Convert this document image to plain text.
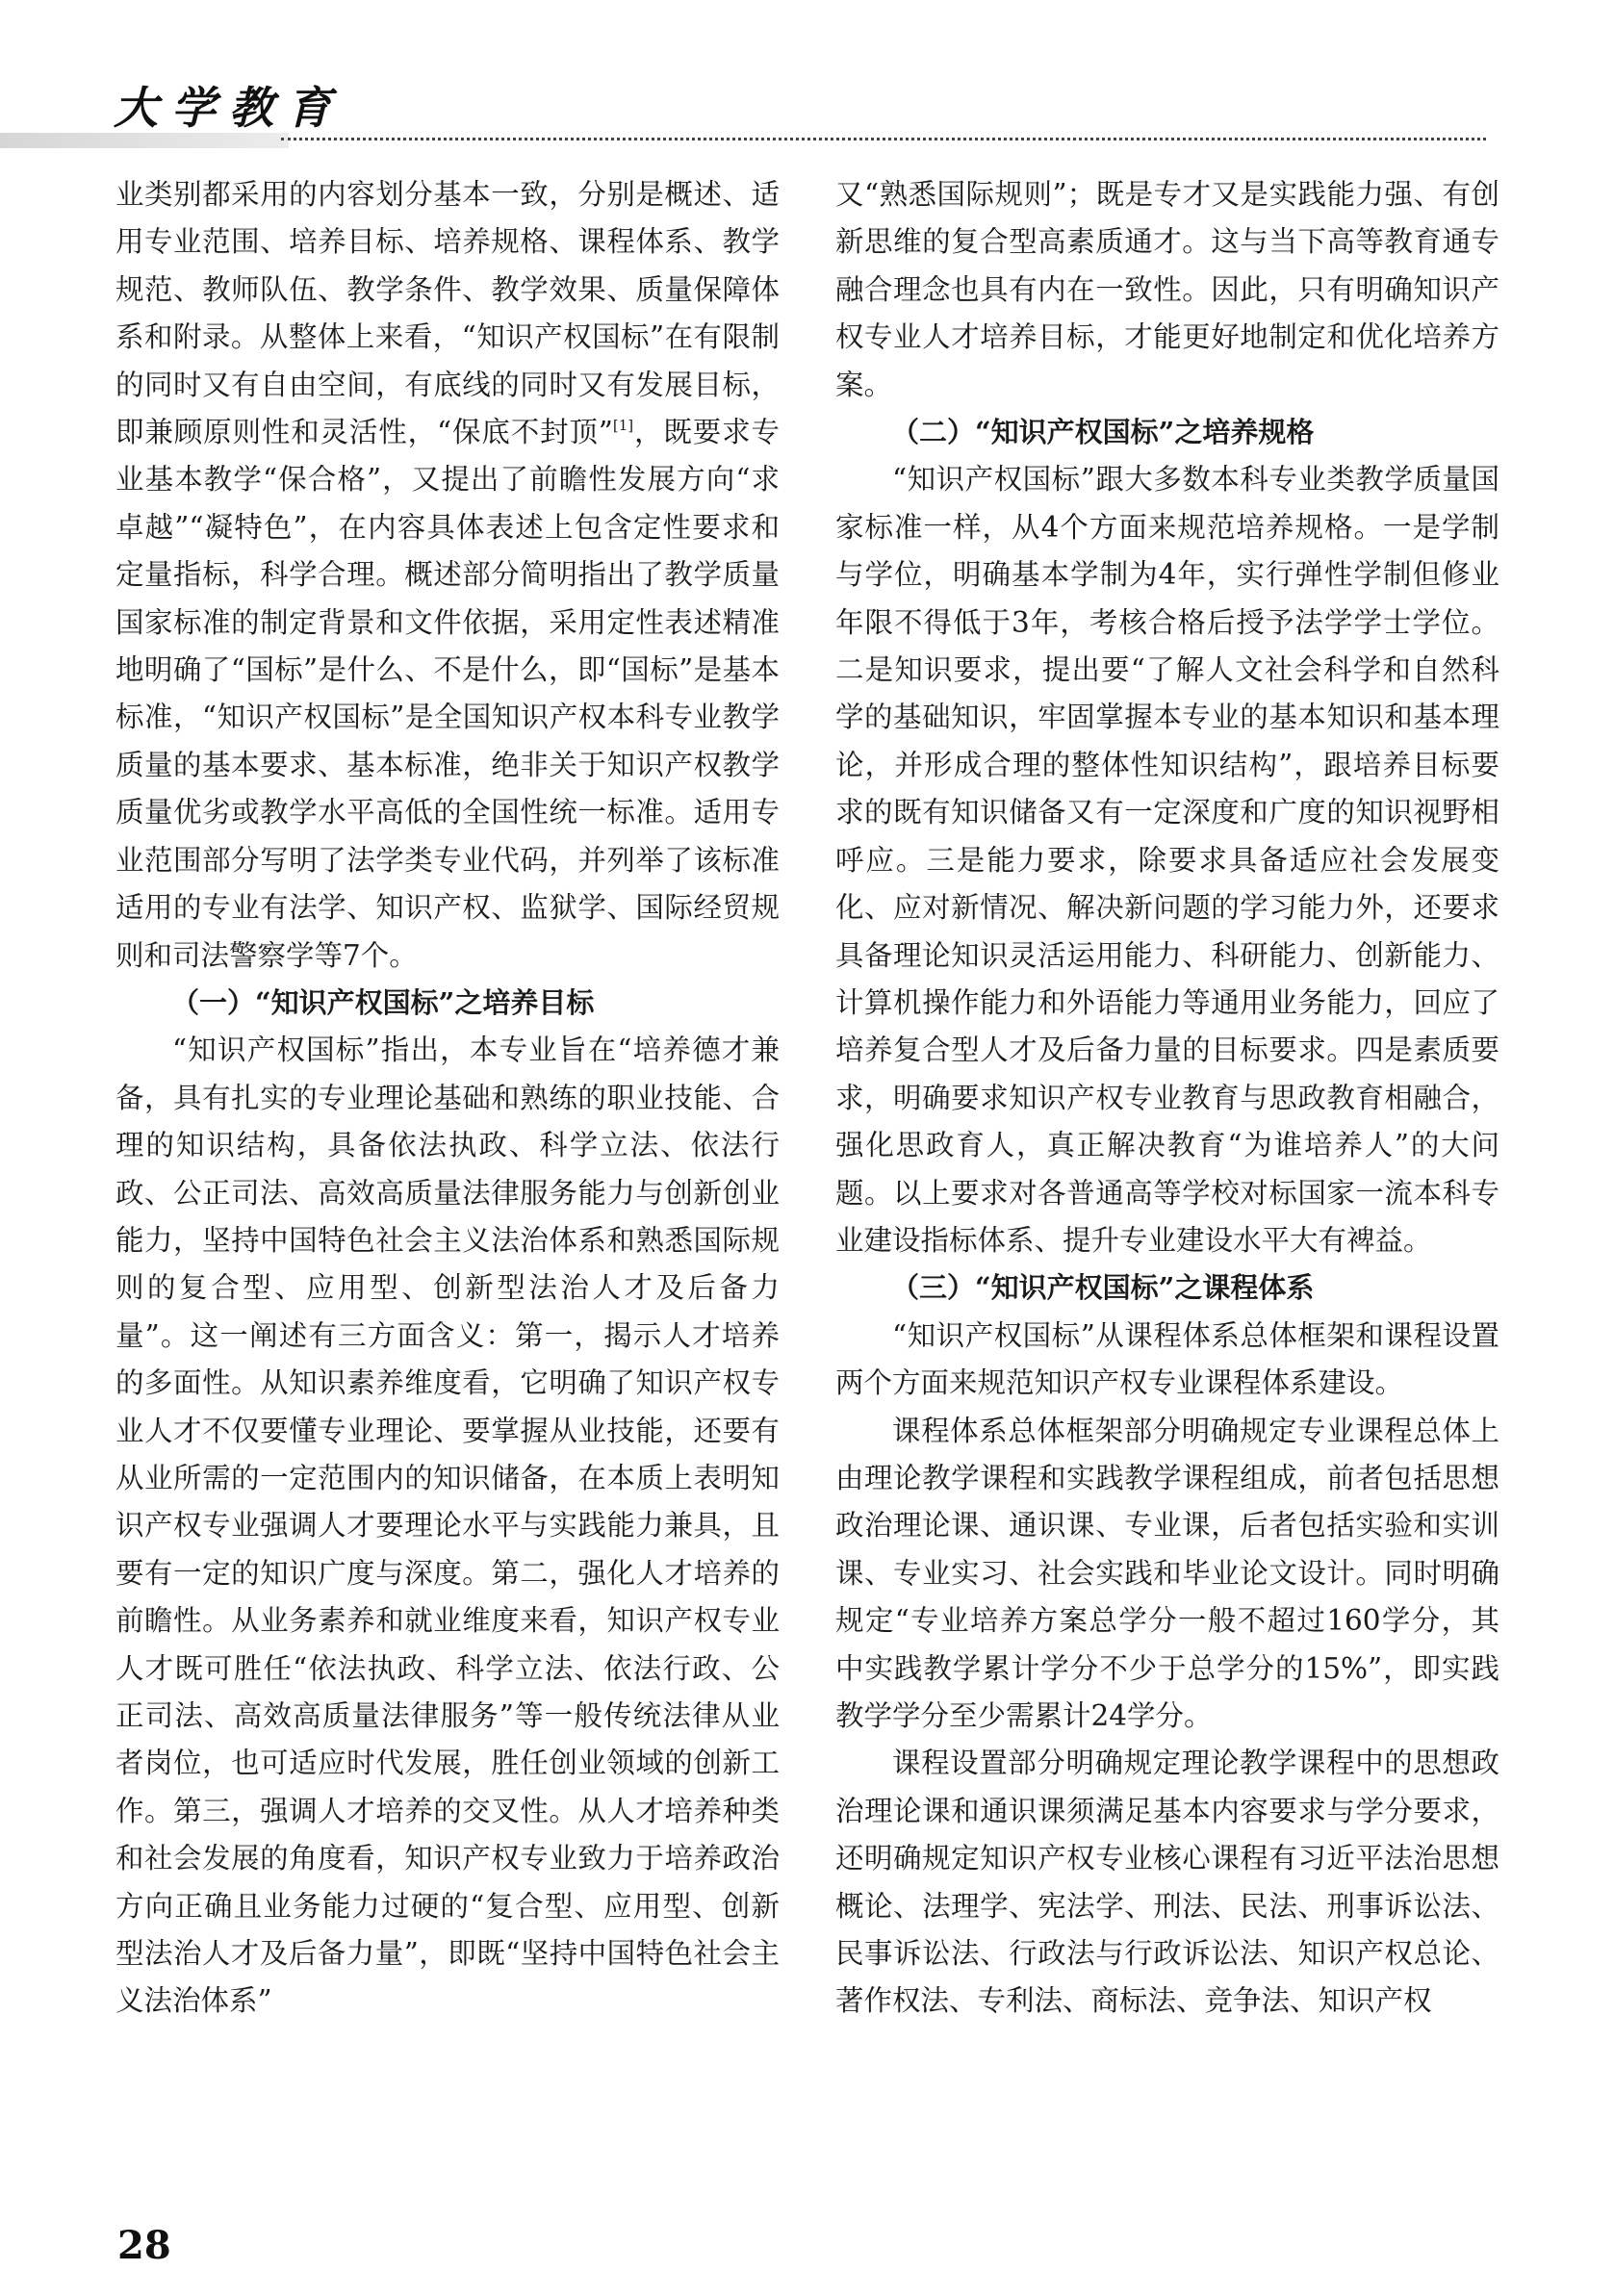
大学教育

业类别都采用的内容划分基本一致，分别是概述、适用专业范围、培养目标、培养规格、课程体系、教学规范、教师队伍、教学条件、教学效果、质量保障体系和附录。从整体上来看，“知识产权国标”在有限制的同时又有自由空间，有底线的同时又有发展目标，即兼顾原则性和灵活性，“保底不封顶”[1]，既要求专业基本教学“保合格”，又提出了前瞻性发展方向“求卓越”“凝特色”，在内容具体表述上包含定性要求和定量指标，科学合理。概述部分简明指出了教学质量国家标准的制定背景和文件依据，采用定性表述精准地明确了“国标”是什么、不是什么，即“国标”是基本标准，“知识产权国标”是全国知识产权本科专业教学质量的基本要求、基本标准，绝非关于知识产权教学质量优劣或教学水平高低的全国性统一标准。适用专业范围部分写明了法学类专业代码，并列举了该标准适用的专业有法学、知识产权、监狱学、国际经贸规则和司法警察学等7个。

（一）“知识产权国标”之培养目标

“知识产权国标”指出，本专业旨在“培养德才兼备，具有扎实的专业理论基础和熟练的职业技能、合理的知识结构，具备依法执政、科学立法、依法行政、公正司法、高效高质量法律服务能力与创新创业能力，坚持中国特色社会主义法治体系和熟悉国际规则的复合型、应用型、创新型法治人才及后备力量”。这一阐述有三方面含义：第一，揭示人才培养的多面性。从知识素养维度看，它明确了知识产权专业人才不仅要懂专业理论、要掌握从业技能，还要有从业所需的一定范围内的知识储备，在本质上表明知识产权专业强调人才要理论水平与实践能力兼具，且要有一定的知识广度与深度。第二，强化人才培养的前瞻性。从业务素养和就业维度来看，知识产权专业人才既可胜任“依法执政、科学立法、依法行政、公正司法、高效高质量法律服务”等一般传统法律从业者岗位，也可适应时代发展，胜任创业领域的创新工作。第三，强调人才培养的交叉性。从人才培养种类和社会发展的角度看，知识产权专业致力于培养政治方向正确且业务能力过硬的“复合型、应用型、创新型法治人才及后备力量”，即既“坚持中国特色社会主义法治体系”

又“熟悉国际规则”；既是专才又是实践能力强、有创新思维的复合型高素质通才。这与当下高等教育通专融合理念也具有内在一致性。因此，只有明确知识产权专业人才培养目标，才能更好地制定和优化培养方案。

（二）“知识产权国标”之培养规格

“知识产权国标”跟大多数本科专业类教学质量国家标准一样，从4个方面来规范培养规格。一是学制与学位，明确基本学制为4年，实行弹性学制但修业年限不得低于3年，考核合格后授予法学学士学位。二是知识要求，提出要“了解人文社会科学和自然科学的基础知识，牢固掌握本专业的基本知识和基本理论，并形成合理的整体性知识结构”，跟培养目标要求的既有知识储备又有一定深度和广度的知识视野相呼应。三是能力要求，除要求具备适应社会发展变化、应对新情况、解决新问题的学习能力外，还要求具备理论知识灵活运用能力、科研能力、创新能力、计算机操作能力和外语能力等通用业务能力，回应了培养复合型人才及后备力量的目标要求。四是素质要求，明确要求知识产权专业教育与思政教育相融合，强化思政育人，真正解决教育“为谁培养人”的大问题。以上要求对各普通高等学校对标国家一流本科专业建设指标体系、提升专业建设水平大有裨益。

（三）“知识产权国标”之课程体系

“知识产权国标”从课程体系总体框架和课程设置两个方面来规范知识产权专业课程体系建设。

课程体系总体框架部分明确规定专业课程总体上由理论教学课程和实践教学课程组成，前者包括思想政治理论课、通识课、专业课，后者包括实验和实训课、专业实习、社会实践和毕业论文设计。同时明确规定“专业培养方案总学分一般不超过160学分，其中实践教学累计学分不少于总学分的15%”，即实践教学学分至少需累计24学分。

课程设置部分明确规定理论教学课程中的思想政治理论课和通识课须满足基本内容要求与学分要求，还明确规定知识产权专业核心课程有习近平法治思想概论、法理学、宪法学、刑法、民法、刑事诉讼法、民事诉讼法、行政法与行政诉讼法、知识产权总论、著作权法、专利法、商标法、竞争法、知识产权

28
